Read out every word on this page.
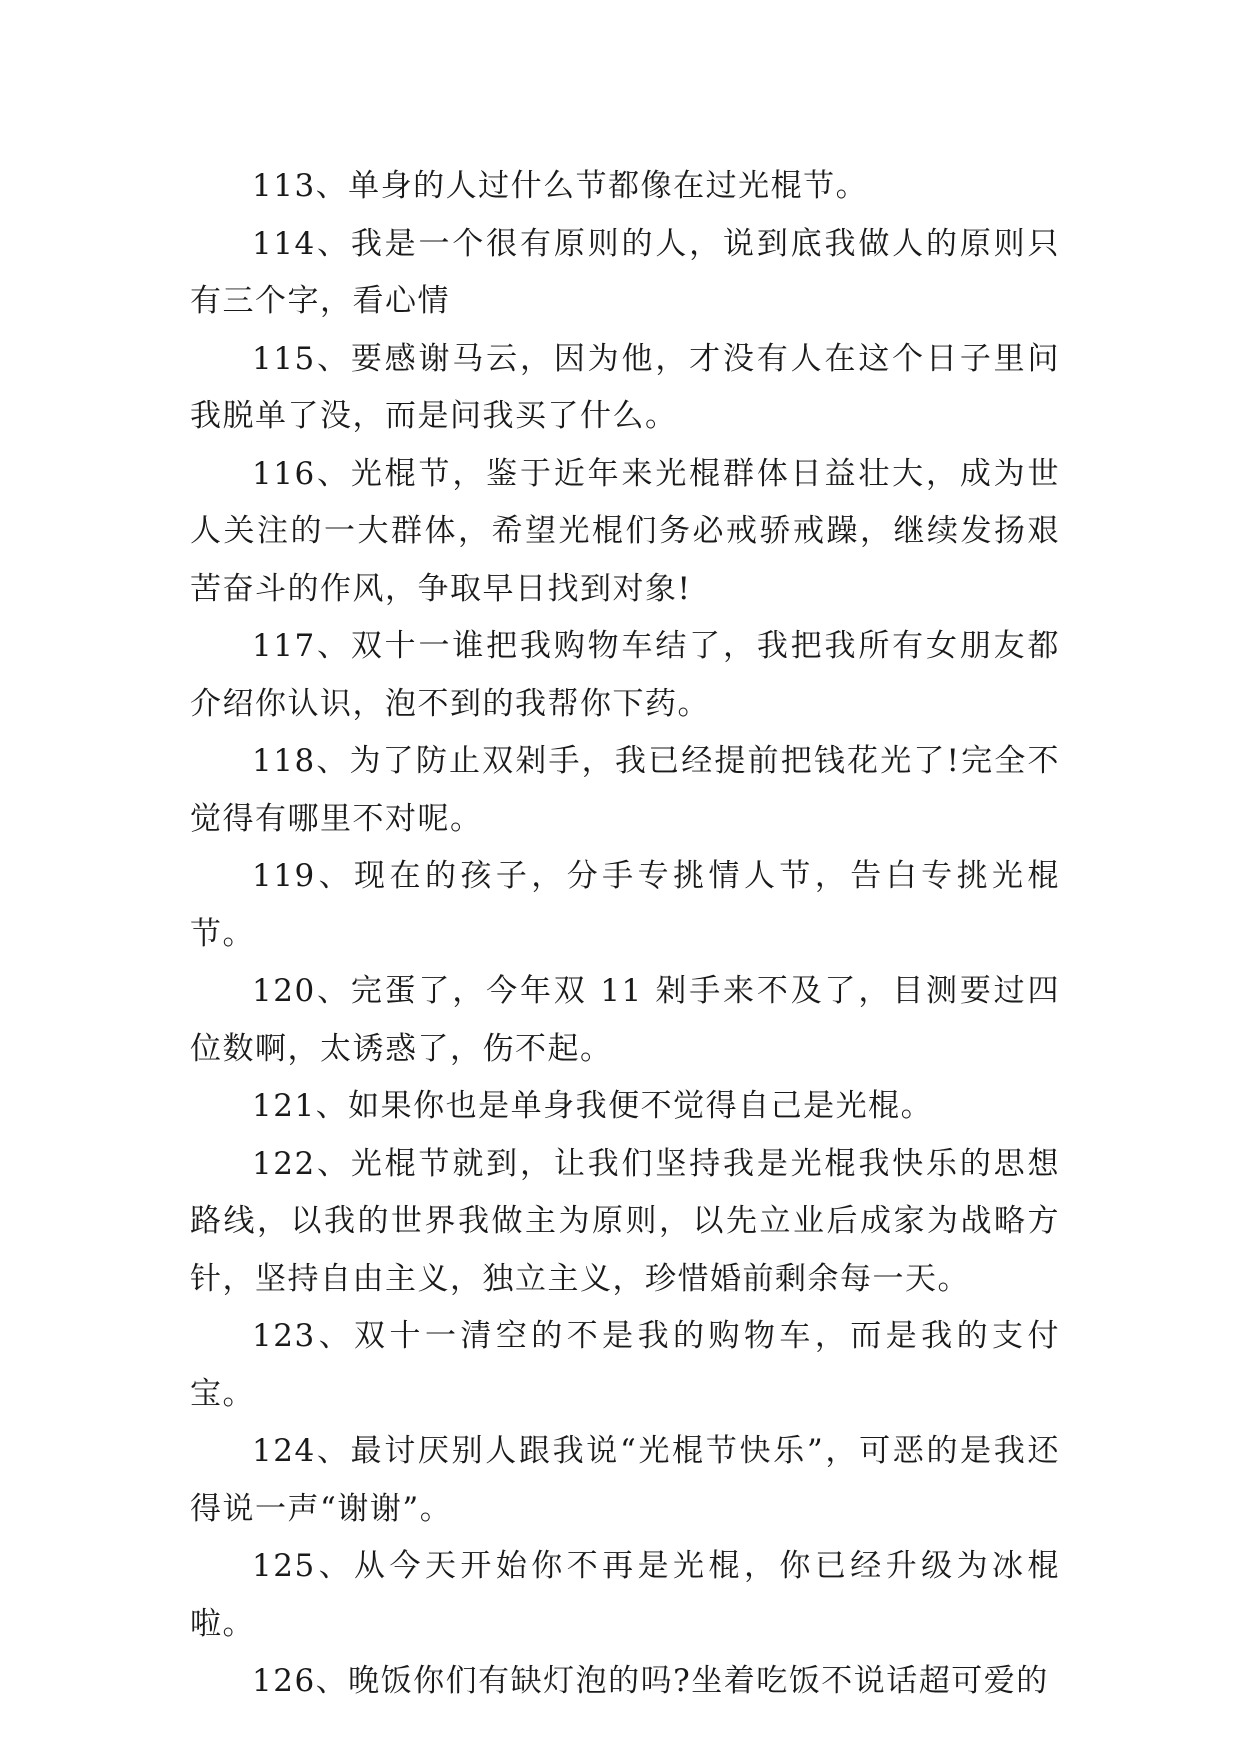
113、单身的人过什么节都像在过光棍节。

114、我是一个很有原则的人，说到底我做人的原则只有三个字，看心情

115、要感谢马云，因为他，才没有人在这个日子里问我脱单了没，而是问我买了什么。

116、光棍节，鉴于近年来光棍群体日益壮大，成为世人关注的一大群体，希望光棍们务必戒骄戒躁，继续发扬艰苦奋斗的作风，争取早日找到对象!

117、双十一谁把我购物车结了，我把我所有女朋友都介绍你认识，泡不到的我帮你下药。

118、为了防止双剁手，我已经提前把钱花光了!完全不觉得有哪里不对呢。

119、现在的孩子，分手专挑情人节，告白专挑光棍节。

120、完蛋了，今年双 11 剁手来不及了，目测要过四位数啊，太诱惑了，伤不起。

121、如果你也是单身我便不觉得自己是光棍。

122、光棍节就到，让我们坚持我是光棍我快乐的思想路线，以我的世界我做主为原则，以先立业后成家为战略方针，坚持自由主义，独立主义，珍惜婚前剩余每一天。

123、双十一清空的不是我的购物车，而是我的支付宝。

124、最讨厌别人跟我说“光棍节快乐”，可恶的是我还得说一声“谢谢”。

125、从今天开始你不再是光棍，你已经升级为冰棍啦。

126、晚饭你们有缺灯泡的吗?坐着吃饭不说话超可爱的
